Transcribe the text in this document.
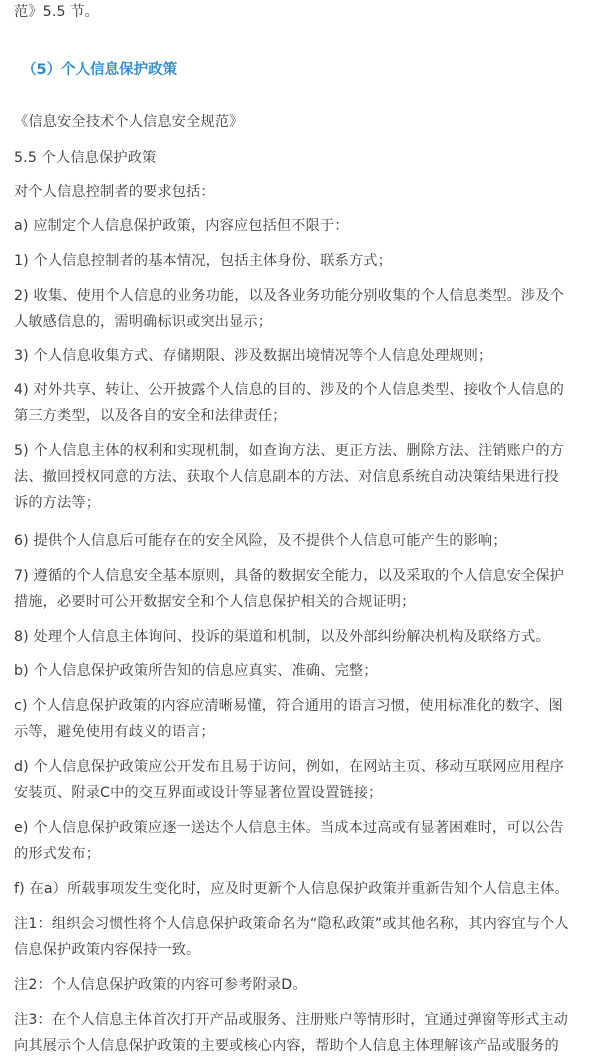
范》5.5 节。

（5）个人信息保护政策

《信息安全技术个人信息安全规范》

5.5 个人信息保护政策

对个人信息控制者的要求包括：

a) 应制定个人信息保护政策，内容应包括但不限于：

1) 个人信息控制者的基本情况，包括主体身份、联系方式；

2) 收集、使用个人信息的业务功能，以及各业务功能分别收集的个人信息类型。涉及个

人敏感信息的，需明确标识或突出显示；

3) 个人信息收集方式、存储期限、涉及数据出境情况等个人信息处理规则；

4) 对外共享、转让、公开披露个人信息的目的、涉及的个人信息类型、接收个人信息的

第三方类型，以及各自的安全和法律责任；

5) 个人信息主体的权利和实现机制，如查询方法、更正方法、删除方法、注销账户的方

法、撤回授权同意的方法、获取个人信息副本的方法、对信息系统自动决策结果进行投

诉的方法等；

6) 提供个人信息后可能存在的安全风险，及不提供个人信息可能产生的影响；

7) 遵循的个人信息安全基本原则，具备的数据安全能力，以及采取的个人信息安全保护

措施，必要时可公开数据安全和个人信息保护相关的合规证明；

8) 处理个人信息主体询问、投诉的渠道和机制，以及外部纠纷解决机构及联络方式。

b) 个人信息保护政策所告知的信息应真实、准确、完整；

c) 个人信息保护政策的内容应清晰易懂，符合通用的语言习惯，使用标准化的数字、图

示等，避免使用有歧义的语言；

d) 个人信息保护政策应公开发布且易于访问，例如，在网站主页、移动互联网应用程序

安装页、附录C中的交互界面或设计等显著位置设置链接；

e) 个人信息保护政策应逐一送达个人信息主体。当成本过高或有显著困难时，可以公告

的形式发布；

f) 在a）所载事项发生变化时，应及时更新个人信息保护政策并重新告知个人信息主体。

注1：组织会习惯性将个人信息保护政策命名为“隐私政策”或其他名称，其内容宜与个人

信息保护政策内容保持一致。

注2：个人信息保护政策的内容可参考附录D。

注3：在个人信息主体首次打开产品或服务、注册账户等情形时，宜通过弹窗等形式主动

向其展示个人信息保护政策的主要或核心内容，帮助个人信息主体理解该产品或服务的
